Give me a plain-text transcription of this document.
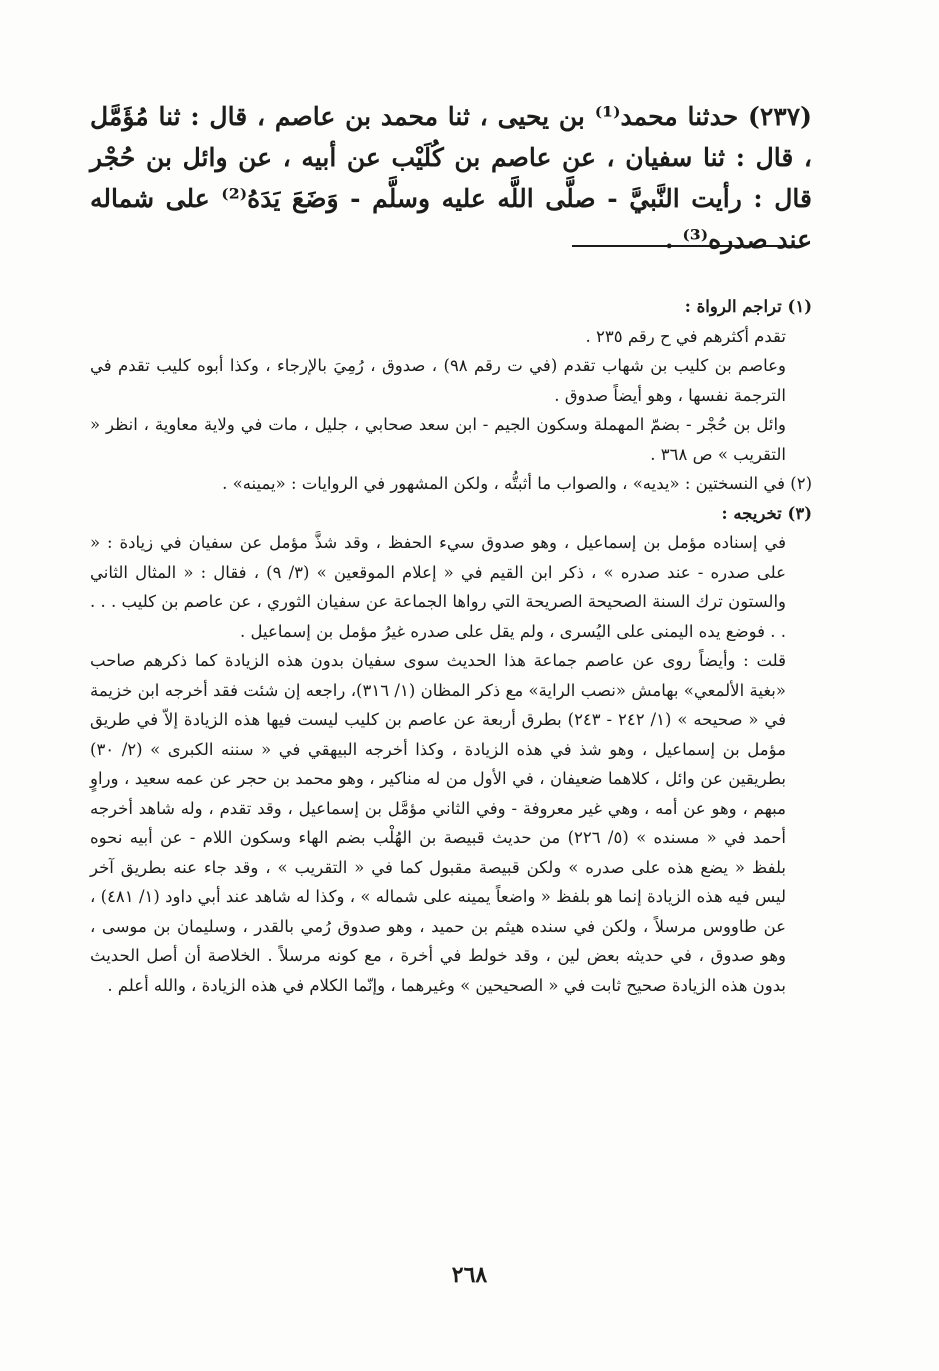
(٢٣٧) حدثنا محمد⁽¹⁾ بن يحيى ، ثنا محمد بن عاصم ، قال : ثنا مُؤَمَّل ، قال : ثنا سفيان ، عن عاصم بن كُلَيْب عن أبيه ، عن وائل بن حُجْر قال : رأيت النَّبيَّ - صلَّى اللَّه عليه وسلَّم - وَضَعَ يَدَهُ⁽²⁾ على شماله عند صدره⁽³⁾ .

(١) تراجم الرواة :

تقدم أكثرهم في ح رقم ٢٣٥ .

وعاصم بن كليب بن شهاب تقدم (في ت رقم ٩٨) ، صدوق ، رُمِيَ بالإرجاء ، وكذا أبوه كليب تقدم في الترجمة نفسها ، وهو أيضاً صدوق .

وائل بن حُجْر - بضمّ المهملة وسكون الجيم - ابن سعد صحابي ، جليل ، مات في ولاية معاوية ، انظر « التقريب » ص ٣٦٨ .

(٢) في النسختين : «يديه» ، والصواب ما أثبتُّه ، ولكن المشهور في الروايات : «يمينه» .

(٣) تخريجه :

في إسناده مؤمل بن إسماعيل ، وهو صدوق سيء الحفظ ، وقد شذَّ مؤمل عن سفيان في زيادة : « على صدره - عند صدره » ، ذكر ابن القيم في « إعلام الموقعين » (٣/ ٩) ، فقال : « المثال الثاني والستون ترك السنة الصحيحة الصريحة التي رواها الجماعة عن سفيان الثوري ، عن عاصم بن كليب . . . . . فوضع يده اليمنى على اليُسرى ، ولم يقل على صدره غيرُ مؤمل بن إسماعيل .

قلت : وأيضاً روى عن عاصم جماعة هذا الحديث سوى سفيان بدون هذه الزيادة كما ذكرهم صاحب «بغية الألمعي» بهامش «نصب الراية» مع ذكر المظان (١/ ٣١٦)، راجعه إن شئت فقد أخرجه ابن خزيمة في « صحيحه » (١/ ٢٤٢ - ٢٤٣) بطرق أربعة عن عاصم بن كليب ليست فيها هذه الزيادة إلاّ في طريق مؤمل بن إسماعيل ، وهو شذ في هذه الزيادة ، وكذا أخرجه البيهقي في « سننه الكبرى » (٢/ ٣٠) بطريقين عن وائل ، كلاهما ضعيفان ، في الأول من له مناكير ، وهو محمد بن حجر عن عمه سعيد ، وراوٍ مبهم ، وهو عن أمه ، وهي غير معروفة - وفي الثاني مؤمَّل بن إسماعيل ، وقد تقدم ، وله شاهد أخرجه أحمد في « مسنده » (٥/ ٢٢٦) من حديث قبيصة بن الهُلْب بضم الهاء وسكون اللام - عن أبيه نحوه بلفظ « يضع هذه على صدره » ولكن قبيصة مقبول كما في « التقريب » ، وقد جاء عنه بطريق آخر ليس فيه هذه الزيادة إنما هو بلفظ « واضعاً يمينه على شماله » ، وكذا له شاهد عند أبي داود (١/ ٤٨١) ، عن طاووس مرسلاً ، ولكن في سنده هيثم بن حميد ، وهو صدوق رُمي بالقدر ، وسليمان بن موسى ، وهو صدوق ، في حديثه بعض لين ، وقد خولط في أخرة ، مع كونه مرسلاً . الخلاصة أن أصل الحديث بدون هذه الزيادة صحيح ثابت في « الصحيحين » وغيرهما ، وإنّما الكلام في هذه الزيادة ، والله أعلم .

٢٦٨
